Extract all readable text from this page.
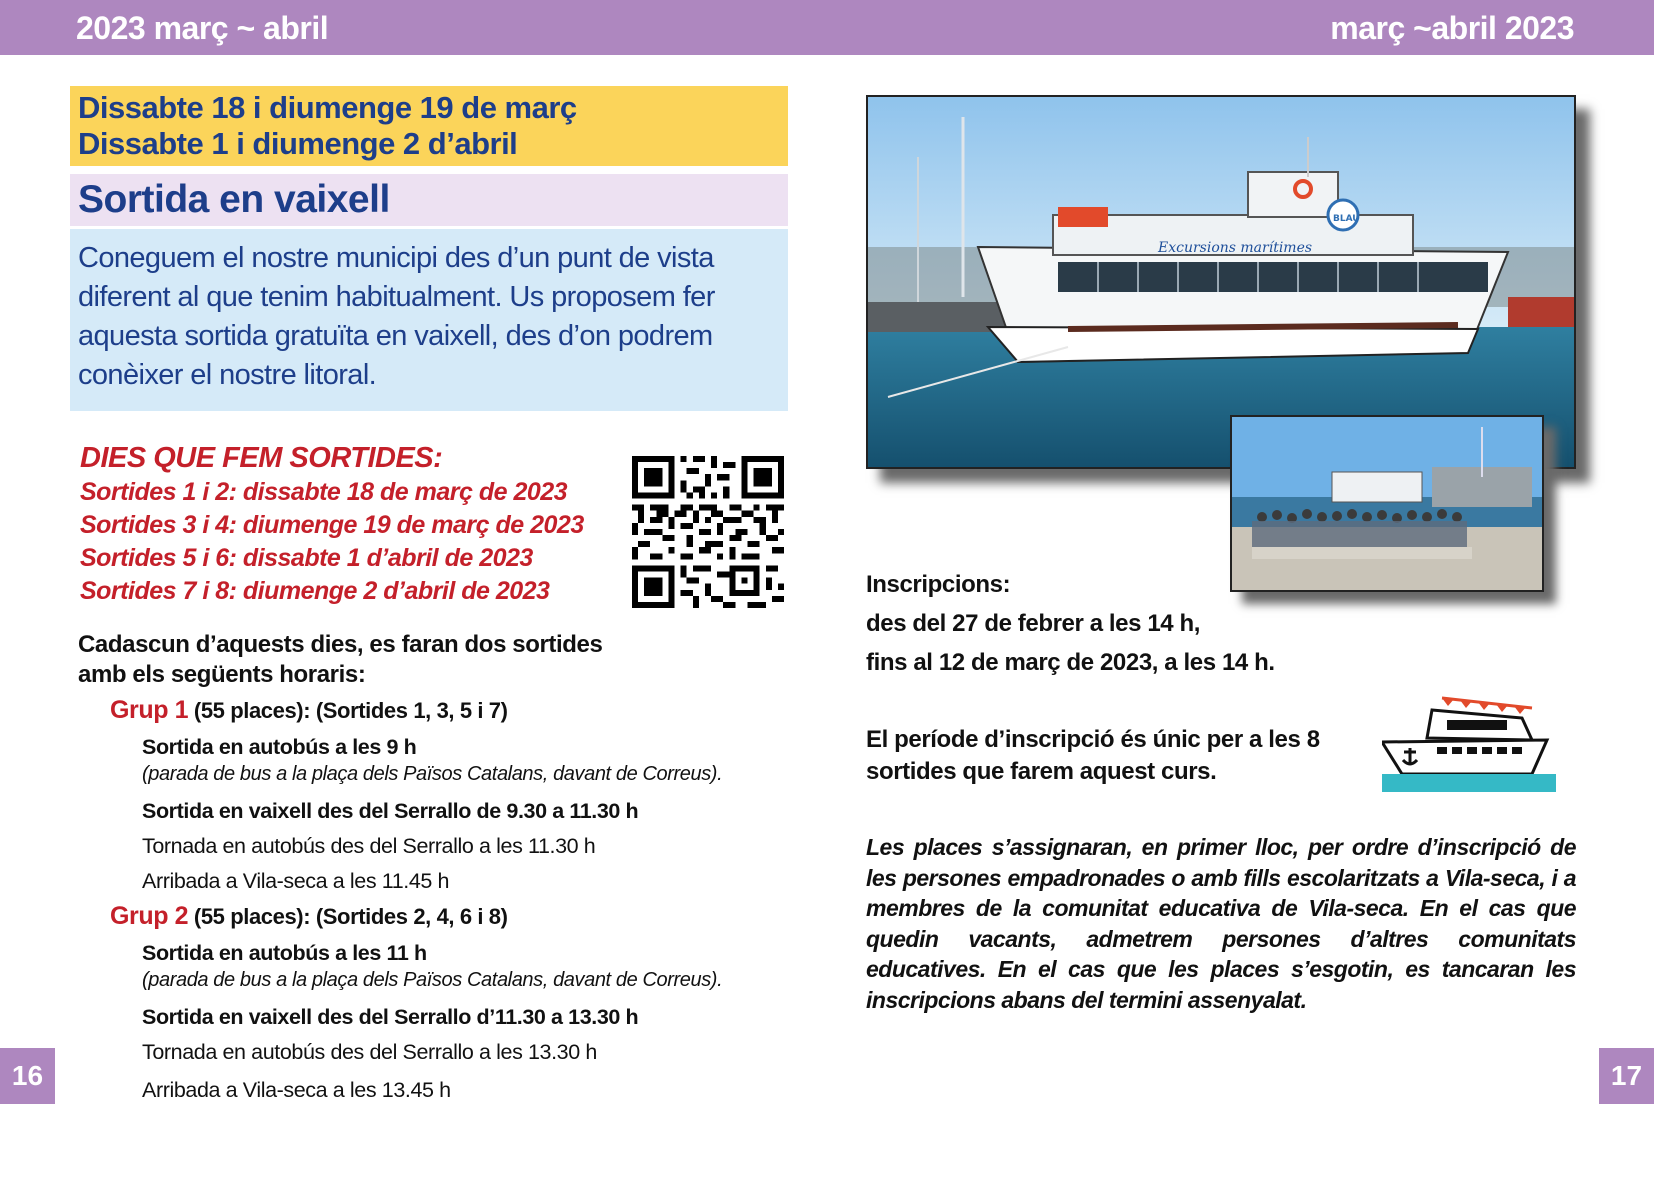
2023 març ~ abril	març ~abril 2023
Dissabte 18 i diumenge 19 de març
Dissabte 1 i diumenge 2 d’abril
Sortida en vaixell

Coneguem el nostre municipi des d’un punt de vista diferent al que tenim habitualment. Us proposem fer aquesta sortida gratuïta en vaixell, des d’on podrem conèixer el nostre litoral.

DIES QUE FEM SORTIDES:
Sortides 1 i 2: dissabte 18 de març de 2023
Sortides 3 i 4: diumenge 19 de març de 2023
Sortides 5 i 6: dissabte 1 d’abril de 2023
Sortides 7 i 8: diumenge 2 d’abril de 2023
Cadascun d’aquests dies, es faran dos sortides
amb els següents horaris:
Grup 1 (55 places): (Sortides 1, 3, 5 i 7)
Sortida en autobús a les 9 h
(parada de bus a la plaça dels Països Catalans, davant de Correus).
Sortida en vaixell des del Serrallo de 9.30 a 11.30 h
Tornada en autobús des del Serrallo a les 11.30 h
Arribada a Vila-seca a les 11.45 h
Grup 2 (55 places): (Sortides 2, 4, 6 i 8)
Sortida en autobús a les 11 h
(parada de bus a la plaça dels Països Catalans, davant de Correus).
Sortida en vaixell des del Serrallo d’11.30 a 13.30 h
Tornada en autobús des del Serrallo a les 13.30 h
Arribada a Vila-seca a les 13.45 h
16	17
BLAU
Excursions marítimes
Inscripcions:
des del 27 de febrer a les 14 h,
fins al 12 de març de 2023, a les 14 h.
El període d’inscripció és únic per a les 8
sortides que farem aquest curs.

Les places s’assignaran, en primer lloc, per ordre d’inscripció de les persones empadronades o amb fills escolaritzats a Vila-seca, i a membres de la comunitat educativa de Vila-seca. En el cas que quedin vacants, admetrem persones d’altres comunitats educatives. En el cas que les places s’esgotin, es tancaran les inscripcions abans del termini assenyalat.
